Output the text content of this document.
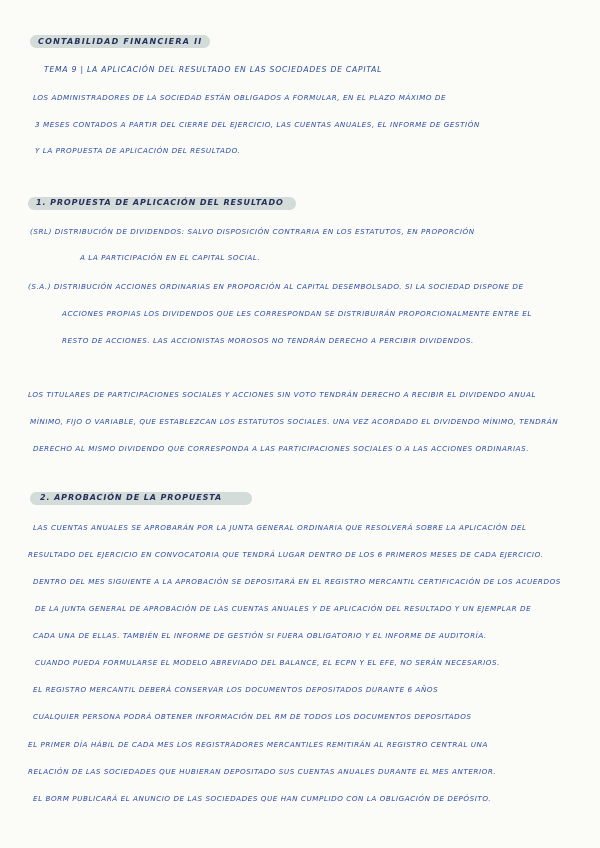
CONTABILIDAD FINANCIERA II
TEMA 9 | LA APLICACIÓN DEL RESULTADO EN LAS SOCIEDADES DE CAPITAL
LOS ADMINISTRADORES DE LA SOCIEDAD ESTÁN OBLIGADOS A FORMULAR, EN EL PLAZO MÁXIMO DE
3 MESES CONTADOS A PARTIR DEL CIERRE DEL EJERCICIO, LAS CUENTAS ANUALES, EL INFORME DE GESTIÓN
Y LA PROPUESTA DE APLICACIÓN DEL RESULTADO.
1. PROPUESTA DE APLICACIÓN DEL RESULTADO
(SRL) DISTRIBUCIÓN DE DIVIDENDOS: SALVO DISPOSICIÓN CONTRARIA EN LOS ESTATUTOS, EN PROPORCIÓN
A LA PARTICIPACIÓN EN EL CAPITAL SOCIAL.
(S.A.) DISTRIBUCIÓN ACCIONES ORDINARIAS EN PROPORCIÓN AL CAPITAL DESEMBOLSADO. SI LA SOCIEDAD DISPONE DE
ACCIONES PROPIAS LOS DIVIDENDOS QUE LES CORRESPONDAN SE DISTRIBUIRÁN PROPORCIONALMENTE ENTRE EL
RESTO DE ACCIONES. LAS ACCIONISTAS MOROSOS NO TENDRÁN DERECHO A PERCIBIR DIVIDENDOS.
LOS TITULARES DE PARTICIPACIONES SOCIALES Y ACCIONES SIN VOTO TENDRÁN DERECHO A RECIBIR EL DIVIDENDO ANUAL
MÍNIMO, FIJO O VARIABLE, QUE ESTABLEZCAN LOS ESTATUTOS SOCIALES. UNA VEZ ACORDADO EL DIVIDENDO MÍNIMO, TENDRÁN
DERECHO AL MISMO DIVIDENDO QUE CORRESPONDA A LAS PARTICIPACIONES SOCIALES O A LAS ACCIONES ORDINARIAS.
2. APROBACIÓN DE LA PROPUESTA
LAS CUENTAS ANUALES SE APROBARÁN POR LA JUNTA GENERAL ORDINARIA QUE RESOLVERÁ SOBRE LA APLICACIÓN DEL
RESULTADO DEL EJERCICIO EN CONVOCATORIA QUE TENDRÁ LUGAR DENTRO DE LOS 6 PRIMEROS MESES DE CADA EJERCICIO.
DENTRO DEL MES SIGUIENTE A LA APROBACIÓN SE DEPOSITARÁ EN EL REGISTRO MERCANTIL CERTIFICACIÓN DE LOS ACUERDOS
DE LA JUNTA GENERAL DE APROBACIÓN DE LAS CUENTAS ANUALES Y DE APLICACIÓN DEL RESULTADO Y UN EJEMPLAR DE
CADA UNA DE ELLAS. TAMBIÉN EL INFORME DE GESTIÓN SI FUERA OBLIGATORIO Y EL INFORME DE AUDITORÍA.
CUANDO PUEDA FORMULARSE EL MODELO ABREVIADO DEL BALANCE, EL ECPN Y EL EFE, NO SERÁN NECESARIOS.
EL REGISTRO MERCANTIL DEBERÁ CONSERVAR LOS DOCUMENTOS DEPOSITADOS DURANTE 6 AÑOS
CUALQUIER PERSONA PODRÁ OBTENER INFORMACIÓN DEL RM DE TODOS LOS DOCUMENTOS DEPOSITADOS
EL PRIMER DÍA HÁBIL DE CADA MES LOS REGISTRADORES MERCANTILES REMITIRÁN AL REGISTRO CENTRAL UNA
RELACIÓN DE LAS SOCIEDADES QUE HUBIERAN DEPOSITADO SUS CUENTAS ANUALES DURANTE EL MES ANTERIOR.
EL BORM PUBLICARÁ EL ANUNCIO DE LAS SOCIEDADES QUE HAN CUMPLIDO CON LA OBLIGACIÓN DE DEPÓSITO.
